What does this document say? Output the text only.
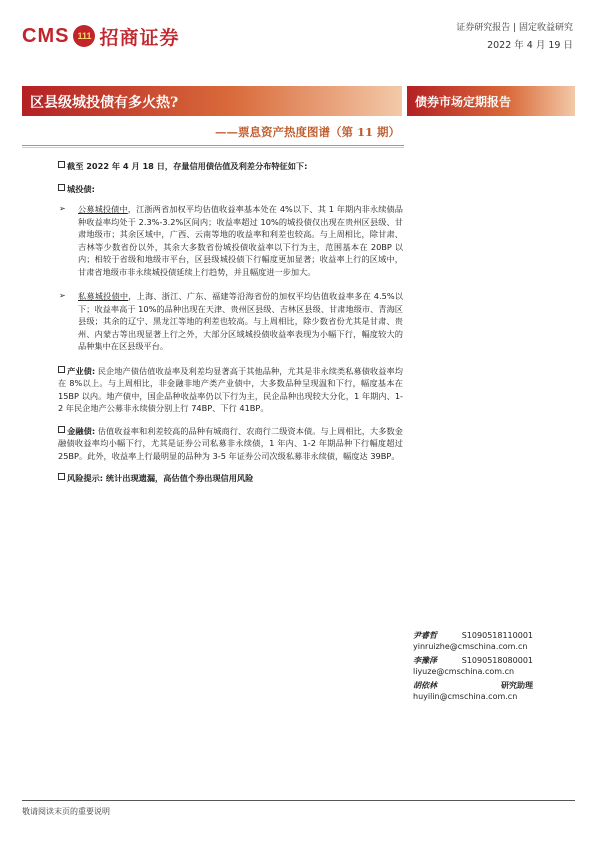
CMS 111 招商证券	证券研究报告 | 固定收益研究
2022 年 4 月 19 日
区县级城投债有多火热?
——票息资产热度图谱（第 11 期）
债券市场定期报告

截至 2022 年 4 月 18 日，存量信用债估值及利差分布特征如下:

城投债:

➢ 公募城投债中，江浙两省加权平均估值收益率基本处在 4%以下、其 1 年期内非永续债品种收益率均处于 2.3%-3.2%区间内；收益率超过 10%的城投债仅出现在贵州区县级、甘肃地级市；其余区域中，广西、云南等地的收益率和利差也较高。与上周相比，除甘肃、吉林等少数省份以外，其余大多数省份城投债收益率以下行为主，范围基本在 20BP 以内；相较于省级和地级市平台，区县级城投债下行幅度更加显著；收益率上行的区域中，甘肃省地级市非永续城投债延续上行趋势，并且幅度进一步加大。
➢ 私募城投债中，上海、浙江、广东、福建等沿海省份的加权平均估值收益率多在 4.5%以下；收益率高于 10%的品种出现在天津、贵州区县级、吉林区县级、甘肃地级市、青海区县级；其余的辽宁、黑龙江等地的利差也较高。与上周相比，除少数省份尤其是甘肃、贵州、内蒙古等出现显著上行之外，大部分区域城投债收益率表现为小幅下行，幅度较大的品种集中在区县级平台。

产业债: 民企地产债估值收益率及利差均显著高于其他品种，尤其是非永续类私募债收益率均在 8%以上。与上周相比，非金融非地产类产业债中，大多数品种呈现温和下行，幅度基本在 15BP 以内。地产债中，国企品种收益率仍以下行为主，民企品种出现较大分化，1 年期内、1-2 年民企地产公募非永续债分别上行 74BP、下行 41BP。

金融债: 估值收益率和利差较高的品种有城商行、农商行二级资本债。与上周相比，大多数金融债收益率均小幅下行，尤其是证券公司私募非永续债，1 年内、1-2 年期品种下行幅度超过 25BP。此外，收益率上行最明显的品种为 3-5 年证券公司次级私募非永续债，幅度达 39BP。

风险提示: 统计出现遗漏，高估值个券出现信用风险

尹睿哲	S1090518110001
yinruizhe@cmschina.com.cn
李豫泽	S1090518080001
liyuze@cmschina.com.cn
胡依林	研究助理
huyilin@cmschina.com.cn
敬请阅读末页的重要说明
